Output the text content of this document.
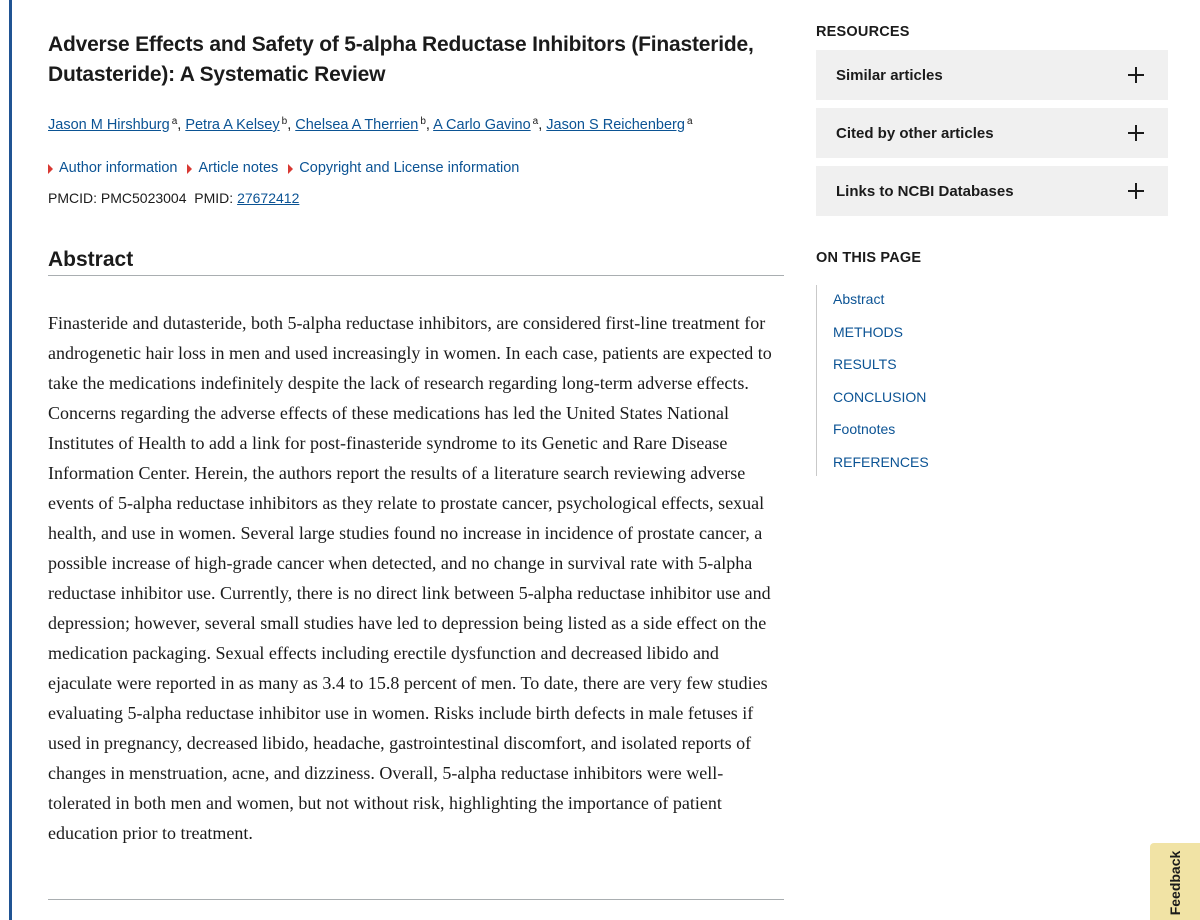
Adverse Effects and Safety of 5-alpha Reductase Inhibitors (Finasteride, Dutasteride): A Systematic Review
Jason M Hirshburg $^a$, Petra A Kelsey $^b$, Chelsea A Therrien $^b$, A Carlo Gavino $^a$, Jason S Reichenberg $^a$
Author information Article notes Copyright and License information
PMCID: PMC5023004 PMID: 27672412
Abstract

Finasteride and dutasteride, both 5-alpha reductase inhibitors, are considered first-line treatment for androgenetic hair loss in men and used increasingly in women. In each case, patients are expected to take the medications indefinitely despite the lack of research regarding long-term adverse effects. Concerns regarding the adverse effects of these medications has led the United States National Institutes of Health to add a link for post-finasteride syndrome to its Genetic and Rare Disease Information Center. Herein, the authors report the results of a literature search reviewing adverse events of 5-alpha reductase inhibitors as they relate to prostate cancer, psychological effects, sexual health, and use in women. Several large studies found no increase in incidence of prostate cancer, a possible increase of high-grade cancer when detected, and no change in survival rate with 5-alpha reductase inhibitor use. Currently, there is no direct link between 5-alpha reductase inhibitor use and depression; however, several small studies have led to depression being listed as a side effect on the medication packaging. Sexual effects including erectile dysfunction and decreased libido and ejaculate were reported in as many as 3.4 to 15.8 percent of men. To date, there are very few studies evaluating 5-alpha reductase inhibitor use in women. Risks include birth defects in male fetuses if used in pregnancy, decreased libido, headache, gastrointestinal discomfort, and isolated reports of changes in menstruation, acne, and dizziness. Overall, 5-alpha reductase inhibitors were well-tolerated in both men and women, but not without risk, highlighting the importance of patient education prior to treatment.

RESOURCES
Similar articles
Cited by other articles
Links to NCBI Databases
ON THIS PAGE
Abstract
METHODS
RESULTS
CONCLUSION
Footnotes
REFERENCES
Feedback
